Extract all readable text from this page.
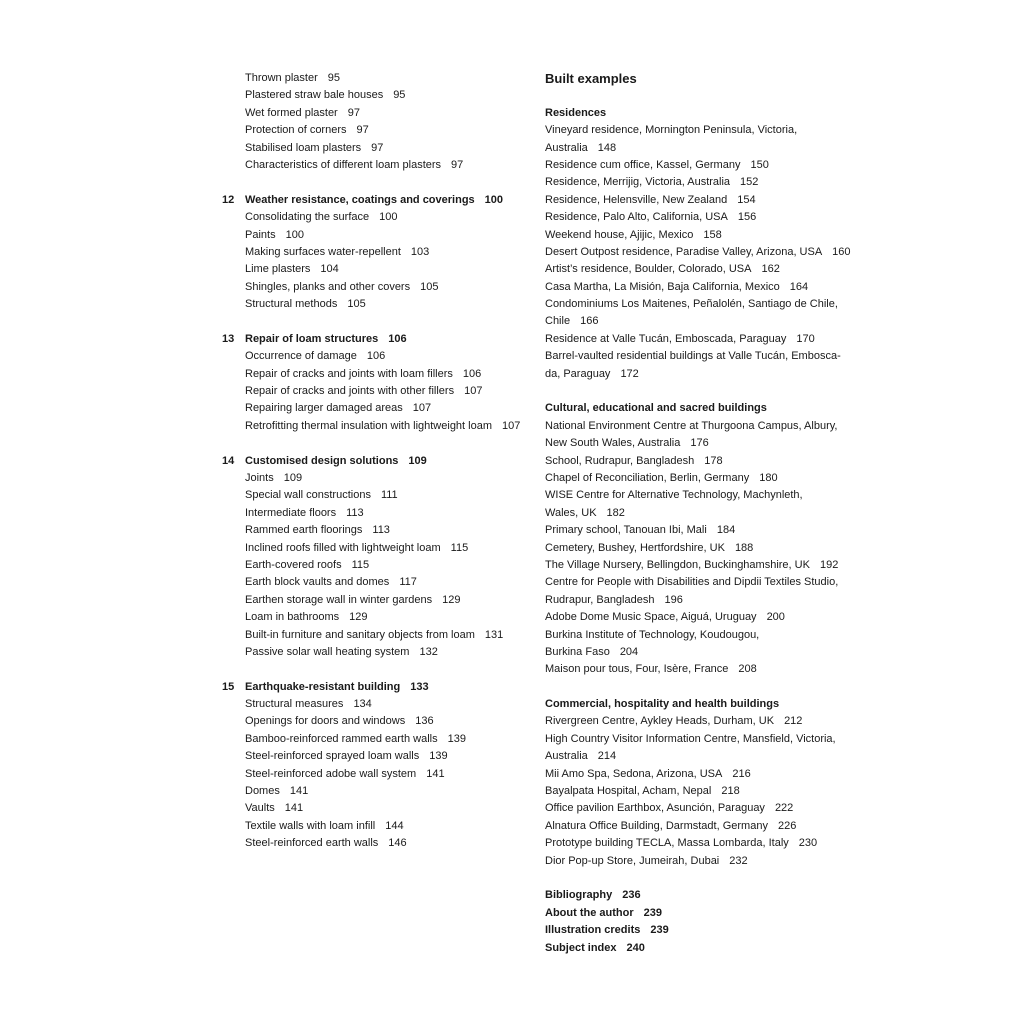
Thrown plaster 95
Plastered straw bale houses 95
Wet formed plaster 97
Protection of corners 97
Stabilised loam plasters 97
Characteristics of different loam plasters 97
12 Weather resistance, coatings and coverings 100
Consolidating the surface 100
Paints 100
Making surfaces water-repellent 103
Lime plasters 104
Shingles, planks and other covers 105
Structural methods 105
13 Repair of loam structures 106
Occurrence of damage 106
Repair of cracks and joints with loam fillers 106
Repair of cracks and joints with other fillers 107
Repairing larger damaged areas 107
Retrofitting thermal insulation with lightweight loam 107
14 Customised design solutions 109
Joints 109
Special wall constructions 111
Intermediate floors 113
Rammed earth floorings 113
Inclined roofs filled with lightweight loam 115
Earth-covered roofs 115
Earth block vaults and domes 117
Earthen storage wall in winter gardens 129
Loam in bathrooms 129
Built-in furniture and sanitary objects from loam 131
Passive solar wall heating system 132
15 Earthquake-resistant building 133
Structural measures 134
Openings for doors and windows 136
Bamboo-reinforced rammed earth walls 139
Steel-reinforced sprayed loam walls 139
Steel-reinforced adobe wall system 141
Domes 141
Vaults 141
Textile walls with loam infill 144
Steel-reinforced earth walls 146
Built examples
Residences
Vineyard residence, Mornington Peninsula, Victoria,
Australia 148
Residence cum office, Kassel, Germany 150
Residence, Merrijig, Victoria, Australia 152
Residence, Helensville, New Zealand 154
Residence, Palo Alto, California, USA 156
Weekend house, Ajijic, Mexico 158
Desert Outpost residence, Paradise Valley, Arizona, USA 160
Artist’s residence, Boulder, Colorado, USA 162
Casa Martha, La Misión, Baja California, Mexico 164
Condominiums Los Maitenes, Peñalolén, Santiago de Chile,
Chile 166
Residence at Valle Tucán, Emboscada, Paraguay 170
Barrel-vaulted residential buildings at Valle Tucán, Embosca-
da, Paraguay 172
Cultural, educational and sacred buildings
National Environment Centre at Thurgoona Campus, Albury,
New South Wales, Australia 176
School, Rudrapur, Bangladesh 178
Chapel of Reconciliation, Berlin, Germany 180
WISE Centre for Alternative Technology, Machynleth,
Wales, UK 182
Primary school, Tanouan Ibi, Mali 184
Cemetery, Bushey, Hertfordshire, UK 188
The Village Nursery, Bellingdon, Buckinghamshire, UK 192
Centre for People with Disabilities and Dipdii Textiles Studio,
Rudrapur, Bangladesh 196
Adobe Dome Music Space, Aiguá, Uruguay 200
Burkina Institute of Technology, Koudougou,
Burkina Faso 204
Maison pour tous, Four, Isère, France 208
Commercial, hospitality and health buildings
Rivergreen Centre, Aykley Heads, Durham, UK 212
High Country Visitor Information Centre, Mansfield, Victoria,
Australia 214
Mii Amo Spa, Sedona, Arizona, USA 216
Bayalpata Hospital, Acham, Nepal 218
Office pavilion Earthbox, Asunción, Paraguay 222
Alnatura Office Building, Darmstadt, Germany 226
Prototype building TECLA, Massa Lombarda, Italy 230
Dior Pop-up Store, Jumeirah, Dubai 232
Bibliography 236
About the author 239
Illustration credits 239
Subject index 240
